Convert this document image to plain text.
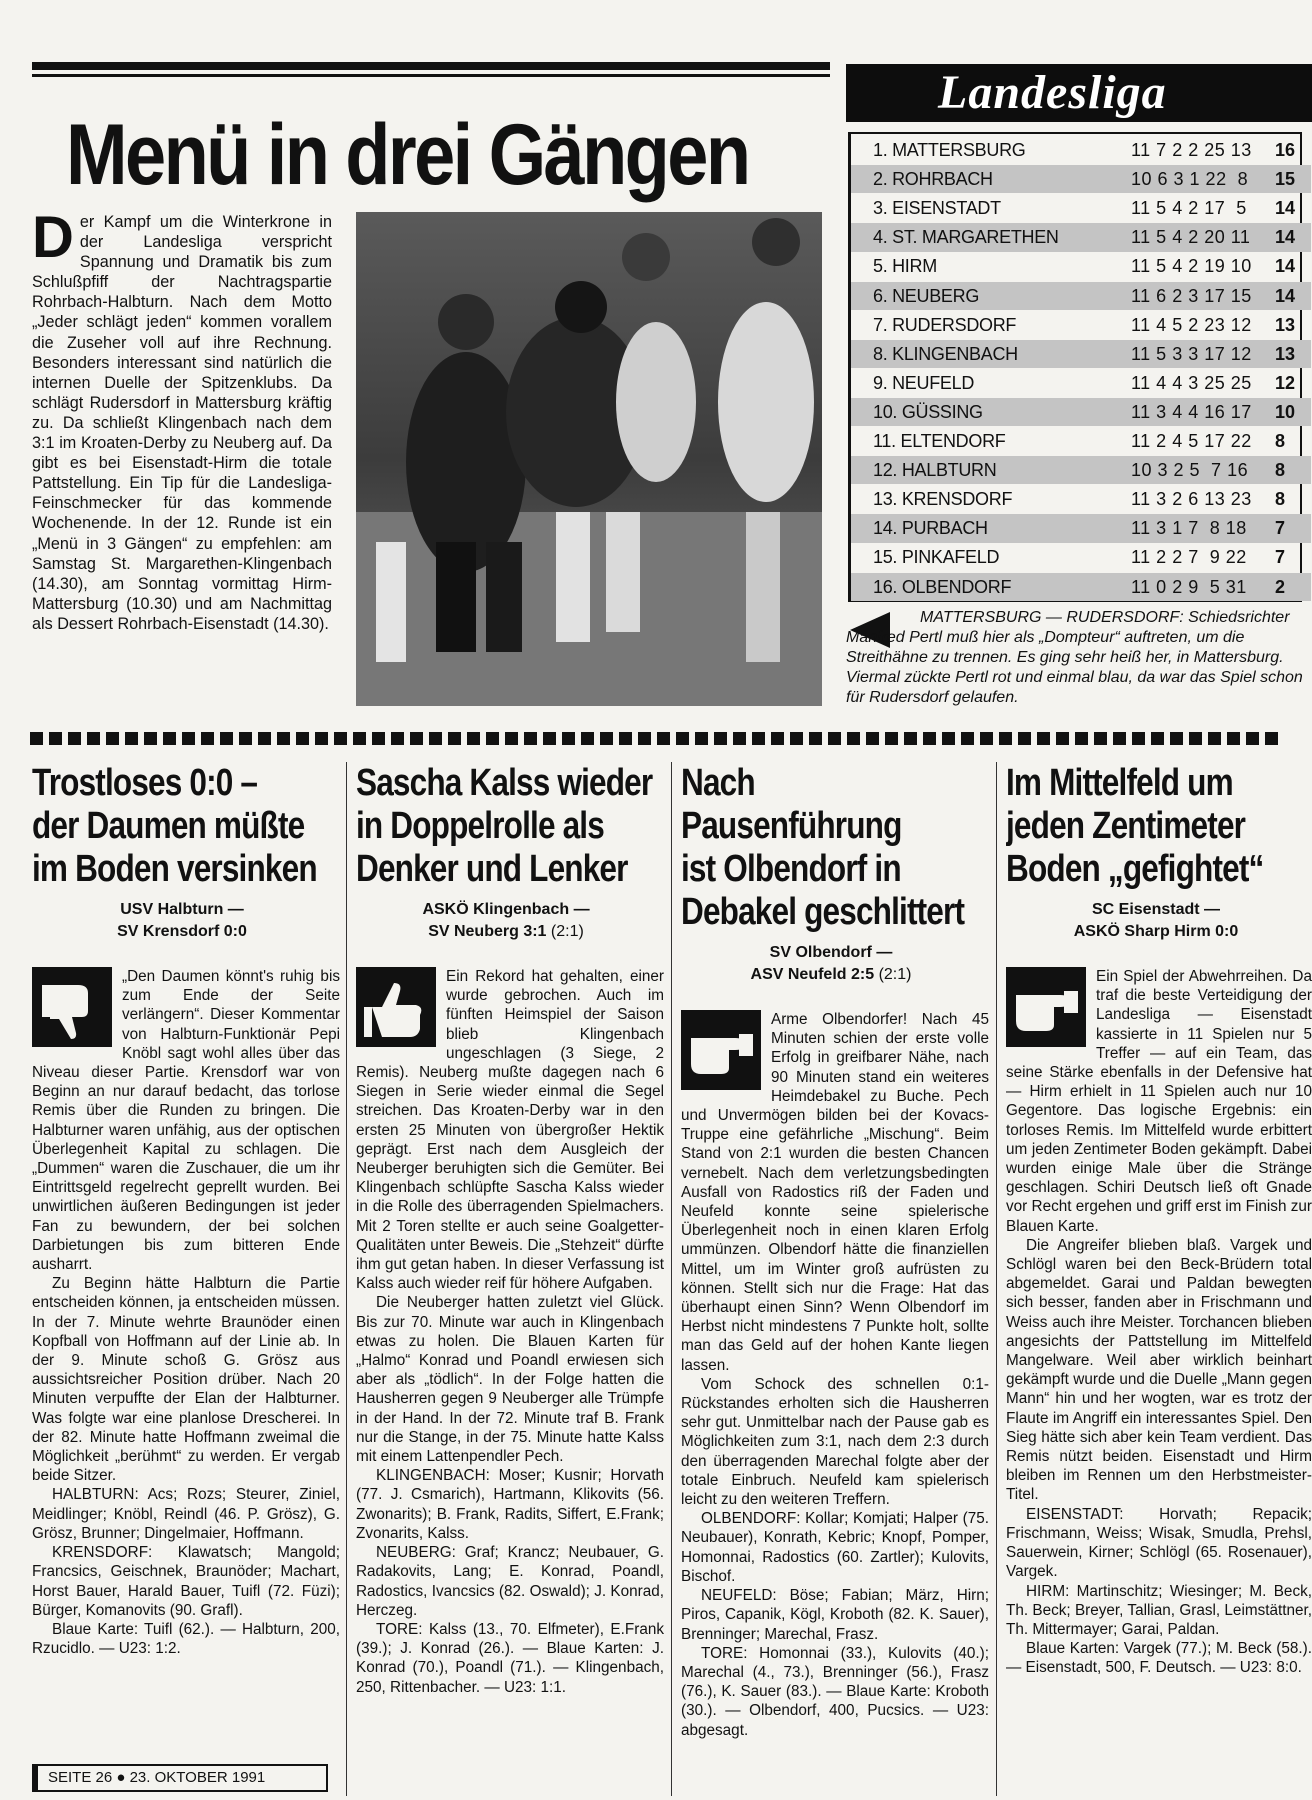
Menü in drei Gängen
Der Kampf um die Winterkrone in der Landesliga verspricht Spannung und Dramatik bis zum Schlußpfiff der Nachtragspartie Rohrbach-Halbturn. Nach dem Motto „Jeder schlägt jeden“ kommen vorallem die Zuseher voll auf ihre Rechnung. Besonders interessant sind natürlich die internen Duelle der Spitzenklubs. Da schlägt Rudersdorf in Mattersburg kräftig zu. Da schließt Klingenbach nach dem 3:1 im Kroaten-Derby zu Neuberg auf. Da gibt es bei Eisenstadt-Hirm die totale Pattstellung. Ein Tip für die Landesliga-Feinschmecker für das kommende Wochenende. In der 12. Runde ist ein „Menü in 3 Gängen“ zu empfehlen: am Samstag St. Margarethen-Klingenbach (14.30), am Sonntag vormittag Hirm-Mattersburg (10.30) und am Nachmittag als Dessert Rohrbach-Eisenstadt (14.30).
Landesliga
1. MATTERSBURG	11 7 2 2 25 13 16
2. ROHRBACH	10 6 3 1 22  8 15
3. EISENSTADT	11 5 4 2 17  5 14
4. ST. MARGARETHEN	11 5 4 2 20 11 14
5. HIRM	11 5 4 2 19 10 14
6. NEUBERG	11 6 2 3 17 15 14
7. RUDERSDORF	11 4 5 2 23 12 13
8. KLINGENBACH	11 5 3 3 17 12 13
9. NEUFELD	11 4 4 3 25 25 12
10. GÜSSING	11 3 4 4 16 17 10
11. ELTENDORF	11 2 4 5 17 22 8
12. HALBTURN	10 3 2 5  7 16 8
13. KRENSDORF	11 3 2 6 13 23 8
14. PURBACH	11 3 1 7  8 18 7
15. PINKAFELD	11 2 2 7  9 22 7
16. OLBENDORF	11 0 2 9  5 31 2
MATTERSBURG — RUDERSDORF: Schiedsrichter Manfred Pertl muß hier als „Dompteur“ auftreten, um die Streithähne zu trennen. Es ging sehr heiß her, in Mattersburg. Viermal zückte Pertl rot und einmal blau, da war das Spiel schon für Rudersdorf gelaufen.
Trostloses 0:0 –
der Daumen müßte
im Boden versinken
USV Halbturn —
SV Krensdorf 0:0

„Den Daumen könnt's ruhig bis zum Ende der Seite verlängern“. Dieser Kommentar von Halbturn-Funktionär Pepi Knöbl sagt wohl alles über das Niveau dieser Partie. Krensdorf war von Beginn an nur darauf bedacht, das torlose Remis über die Runden zu bringen. Die Halbturner waren unfähig, aus der optischen Überlegenheit Kapital zu schlagen. Die „Dummen“ waren die Zuschauer, die um ihr Eintrittsgeld regelrecht geprellt wurden. Bei unwirtlichen äußeren Bedingungen ist jeder Fan zu bewundern, der bei solchen Darbietungen bis zum bitteren Ende ausharrt.

Zu Beginn hätte Halbturn die Partie entscheiden können, ja entscheiden müssen. In der 7. Minute wehrte Braunöder einen Kopfball von Hoffmann auf der Linie ab. In der 9. Minute schoß G. Grösz aus aussichtsreicher Position drüber. Nach 20 Minuten verpuffte der Elan der Halbturner. Was folgte war eine planlose Drescherei. In der 82. Minute hatte Hoffmann zweimal die Möglichkeit „berühmt“ zu werden. Er vergab beide Sitzer.

HALBTURN: Acs; Rozs; Steurer, Ziniel, Meidlinger; Knöbl, Reindl (46. P. Grösz), G. Grösz, Brunner; Dingelmaier, Hoffmann.

KRENSDORF: Klawatsch; Mangold; Francsics, Geischnek, Braunöder; Machart, Horst Bauer, Harald Bauer, Tuifl (72. Füzi); Bürger, Komanovits (90. Grafl).

Blaue Karte: Tuifl (62.). — Halbturn, 200, Rzucidlo. — U23: 1:2.

Sascha Kalss wieder
in Doppelrolle als
Denker und Lenker
ASKÖ Klingenbach —
SV Neuberg 3:1 (2:1)

Ein Rekord hat gehalten, einer wurde gebrochen. Auch im fünften Heimspiel der Saison blieb Klingenbach ungeschlagen (3 Siege, 2 Remis). Neuberg mußte dagegen nach 6 Siegen in Serie wieder einmal die Segel streichen. Das Kroaten-Derby war in den ersten 25 Minuten von übergroßer Hektik geprägt. Erst nach dem Ausgleich der Neuberger beruhigten sich die Gemüter. Bei Klingenbach schlüpfte Sascha Kalss wieder in die Rolle des überragenden Spielmachers. Mit 2 Toren stellte er auch seine Goalgetter-Qualitäten unter Beweis. Die „Stehzeit“ dürfte ihm gut getan haben. In dieser Verfassung ist Kalss auch wieder reif für höhere Aufgaben.

Die Neuberger hatten zuletzt viel Glück. Bis zur 70. Minute war auch in Klingenbach etwas zu holen. Die Blauen Karten für „Halmo“ Konrad und Poandl erwiesen sich aber als „tödlich“. In der Folge hatten die Hausherren gegen 9 Neuberger alle Trümpfe in der Hand. In der 72. Minute traf B. Frank nur die Stange, in der 75. Minute hatte Kalss mit einem Lattenpendler Pech.

KLINGENBACH: Moser; Kusnir; Horvath (77. J. Csmarich), Hartmann, Klikovits (56. Zwonarits); B. Frank, Radits, Siffert, E.Frank; Zvonarits, Kalss.

NEUBERG: Graf; Krancz; Neubauer, G. Radakovits, Lang; E. Konrad, Poandl, Radostics, Ivancsics (82. Oswald); J. Konrad, Herczeg.

TORE: Kalss (13., 70. Elfmeter), E.Frank (39.); J. Konrad (26.). — Blaue Karten: J. Konrad (70.), Poandl (71.). — Klingenbach, 250, Rittenbacher. — U23: 1:1.

Nach Pausenführung
ist Olbendorf in
Debakel geschlittert
SV Olbendorf —
ASV Neufeld 2:5 (2:1)

Arme Olbendorfer! Nach 45 Minuten schien der erste volle Erfolg in greifbarer Nähe, nach 90 Minuten stand ein weiteres Heimdebakel zu Buche. Pech und Unvermögen bilden bei der Kovacs-Truppe eine gefährliche „Mischung“. Beim Stand von 2:1 wurden die besten Chancen vernebelt. Nach dem verletzungsbedingten Ausfall von Radostics riß der Faden und Neufeld konnte seine spielerische Überlegenheit noch in einen klaren Erfolg ummünzen. Olbendorf hätte die finanziellen Mittel, um im Winter groß aufrüsten zu können. Stellt sich nur die Frage: Hat das überhaupt einen Sinn? Wenn Olbendorf im Herbst nicht mindestens 7 Punkte holt, sollte man das Geld auf der hohen Kante liegen lassen.

Vom Schock des schnellen 0:1-Rückstandes erholten sich die Hausherren sehr gut. Unmittelbar nach der Pause gab es Möglichkeiten zum 3:1, nach dem 2:3 durch den überragenden Marechal folgte aber der totale Einbruch. Neufeld kam spielerisch leicht zu den weiteren Treffern.

OLBENDORF: Kollar; Komjati; Halper (75. Neubauer), Konrath, Kebric; Knopf, Pomper, Homonnai, Radostics (60. Zartler); Kulovits, Bischof.

NEUFELD: Böse; Fabian; März, Hirn; Piros, Capanik, Kögl, Kroboth (82. K. Sauer), Brenninger; Marechal, Frasz.

TORE: Homonnai (33.), Kulovits (40.); Marechal (4., 73.), Brenninger (56.), Frasz (76.), K. Sauer (83.). — Blaue Karte: Kroboth (30.). — Olbendorf, 400, Pucsics. — U23: abgesagt.

Im Mittelfeld um
jeden Zentimeter
Boden „gefightet“
SC Eisenstadt —
ASKÖ Sharp Hirm 0:0

Ein Spiel der Abwehrreihen. Da traf die beste Verteidigung der Landesliga — Eisenstadt kassierte in 11 Spielen nur 5 Treffer — auf ein Team, das seine Stärke ebenfalls in der Defensive hat — Hirm erhielt in 11 Spielen auch nur 10 Gegentore. Das logische Ergebnis: ein torloses Remis. Im Mittelfeld wurde erbittert um jeden Zentimeter Boden gekämpft. Dabei wurden einige Male über die Stränge geschlagen. Schiri Deutsch ließ oft Gnade vor Recht ergehen und griff erst im Finish zur Blauen Karte.

Die Angreifer blieben blaß. Vargek und Schlögl waren bei den Beck-Brüdern total abgemeldet. Garai und Paldan bewegten sich besser, fanden aber in Frischmann und Weiss auch ihre Meister. Torchancen blieben angesichts der Pattstellung im Mittelfeld Mangelware. Weil aber wirklich beinhart gekämpft wurde und die Duelle „Mann gegen Mann“ hin und her wogten, war es trotz der Flaute im Angriff ein interessantes Spiel. Den Sieg hätte sich aber kein Team verdient. Das Remis nützt beiden. Eisenstadt und Hirm bleiben im Rennen um den Herbstmeister-Titel.

EISENSTADT: Horvath; Repacik; Frischmann, Weiss; Wisak, Smudla, Prehsl, Sauerwein, Kirner; Schlögl (65. Rosenauer), Vargek.

HIRM: Martinschitz; Wiesinger; M. Beck, Th. Beck; Breyer, Tallian, Grasl, Leimstättner, Th. Mittermayer; Garai, Paldan.

Blaue Karten: Vargek (77.); M. Beck (58.). — Eisenstadt, 500, F. Deutsch. — U23: 8:0.

SEITE 26 ● 23. OKTOBER 1991
